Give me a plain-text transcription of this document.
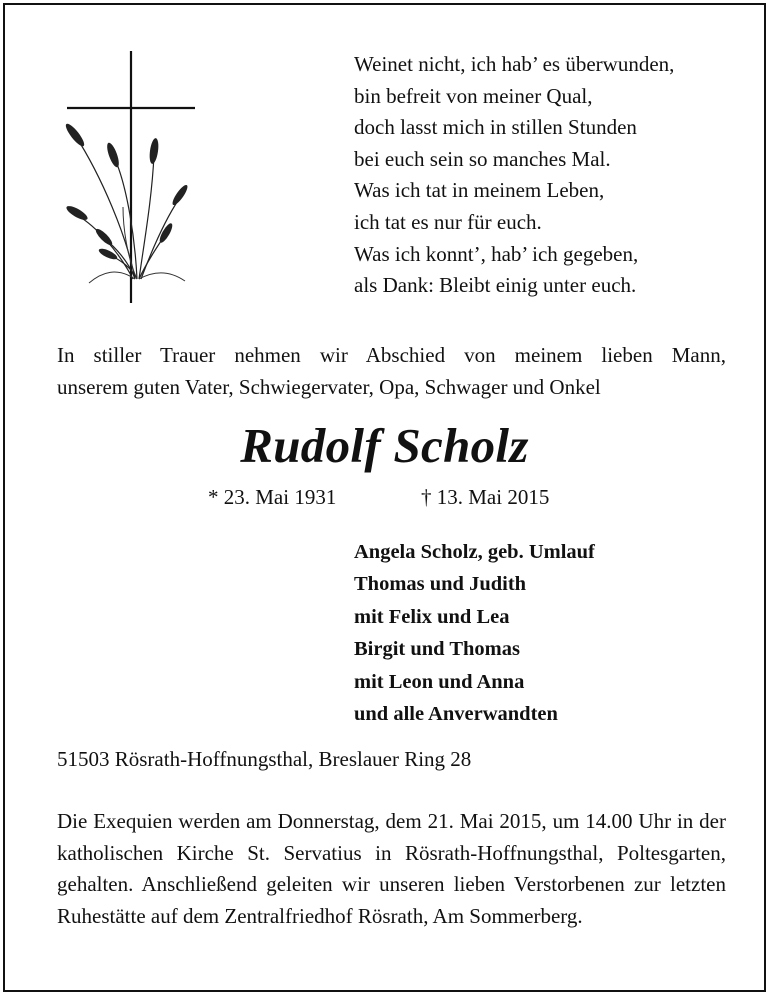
Weinet nicht, ich hab’ es überwunden,
bin befreit von meiner Qual,
doch lasst mich in stillen Stunden
bei euch sein so manches Mal.
Was ich tat in meinem Leben,
ich tat es nur für euch.
Was ich konnt’, hab’ ich gegeben,
als Dank: Bleibt einig unter euch.
In stiller Trauer nehmen wir Abschied von meinem lieben Mann,
unserem guten Vater, Schwiegervater, Opa, Schwager und Onkel
Rudolf Scholz
* 23. Mai 1931	† 13. Mai 2015
Angela Scholz, geb. Umlauf
Thomas und Judith
mit Felix und Lea
Birgit und Thomas
mit Leon und Anna
und alle Anverwandten
51503 Rösrath-Hoffnungsthal, Breslauer Ring 28
Die Exequien werden am Donnerstag, dem 21. Mai 2015, um 14.00 Uhr in der katholischen Kirche St. Servatius in Rösrath-Hoffnungsthal, Poltesgarten, gehalten. Anschließend geleiten wir unseren lieben Verstorbenen zur letzten Ruhestätte auf dem Zentralfriedhof Rösrath, Am Sommerberg.
